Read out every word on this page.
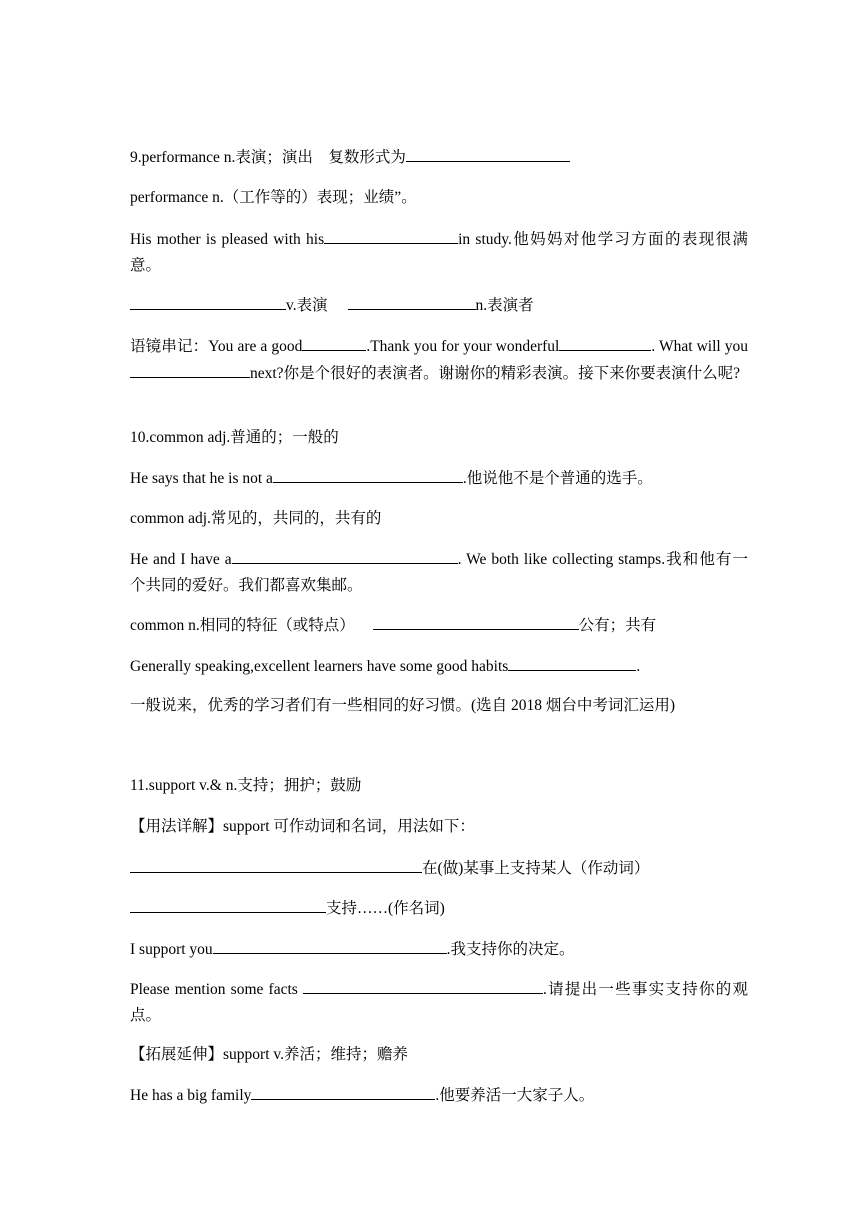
9.performance n.表演；演出　复数形式为
performance n.（工作等的）表现；业绩”。
His mother is pleased with his	in study.他妈妈对他学习方面的表现很满意。
v.表演	n.表演者
语镜串记：You are a good	.Thank you for your wonderful	. What will younext?你是个很好的表演者。谢谢你的精彩表演。接下来你要表演什么呢?
10.common adj.普通的；一般的
He says that he is not a	.他说他不是个普通的选手。
common adj.常见的，共同的，共有的
He and I have a	. We both like collecting stamps.我和他有一个共同的爱好。我们都喜欢集邮。
common n.相同的特征（或特点）	公有；共有
Generally speaking,excellent learners have some good habits	.
一般说来，优秀的学习者们有一些相同的好习惯。(选自 2018 烟台中考词汇运用)
11.support v.& n.支持；拥护；鼓励
【用法详解】support 可作动词和名词，用法如下：
在(做)某事上支持某人（作动词）
支持……(作名词)
I support you	.我支持你的决定。
Please mention some facts	.请提出一些事实支持你的观点。
【拓展延伸】support v.养活；维持；赡养
He has a big family	.他要养活一大家子人。
